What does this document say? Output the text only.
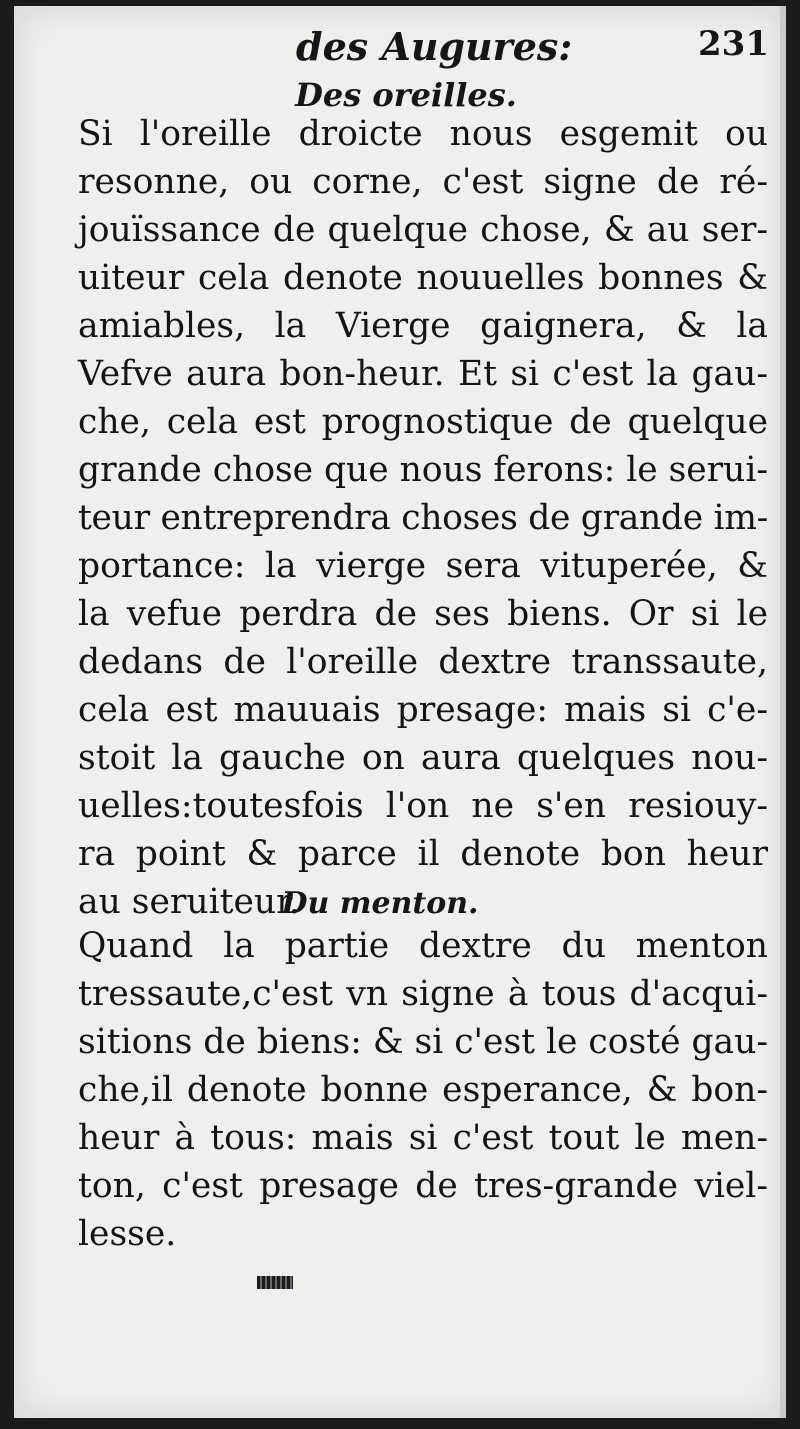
des Augures:	231
Des oreilles.

Si l'oreille droicte nous esgemit ou
resonne, ou corne, c'est signe de ré-
jouïssance de quelque chose, & au ser-
uiteur cela denote nouuelles bonnes &
amiables, la Vierge gaignera, & la
Vefve aura bon-heur. Et si c'est la gau-
che, cela est prognostique de quelque
grande chose que nous ferons: le serui-
teur entreprendra choses de grande im-
portance: la vierge sera vituperée, &
la vefue perdra de ses biens. Or si le
dedans de l'oreille dextre transsaute,
cela est mauuais presage: mais si c'e-
stoit la gauche on aura quelques nou-
uelles:toutesfois l'on ne s'en resiouy-
ra point & parce il denote bon heur
au seruiteur.

Du menton.

Quand la partie dextre du menton
tressaute,c'est vn signe à tous d'acqui-
sitions de biens: & si c'est le costé gau-
che,il denote bonne esperance, & bon-
heur à tous: mais si c'est tout le men-
ton, c'est presage de tres-grande viel-
lesse.
